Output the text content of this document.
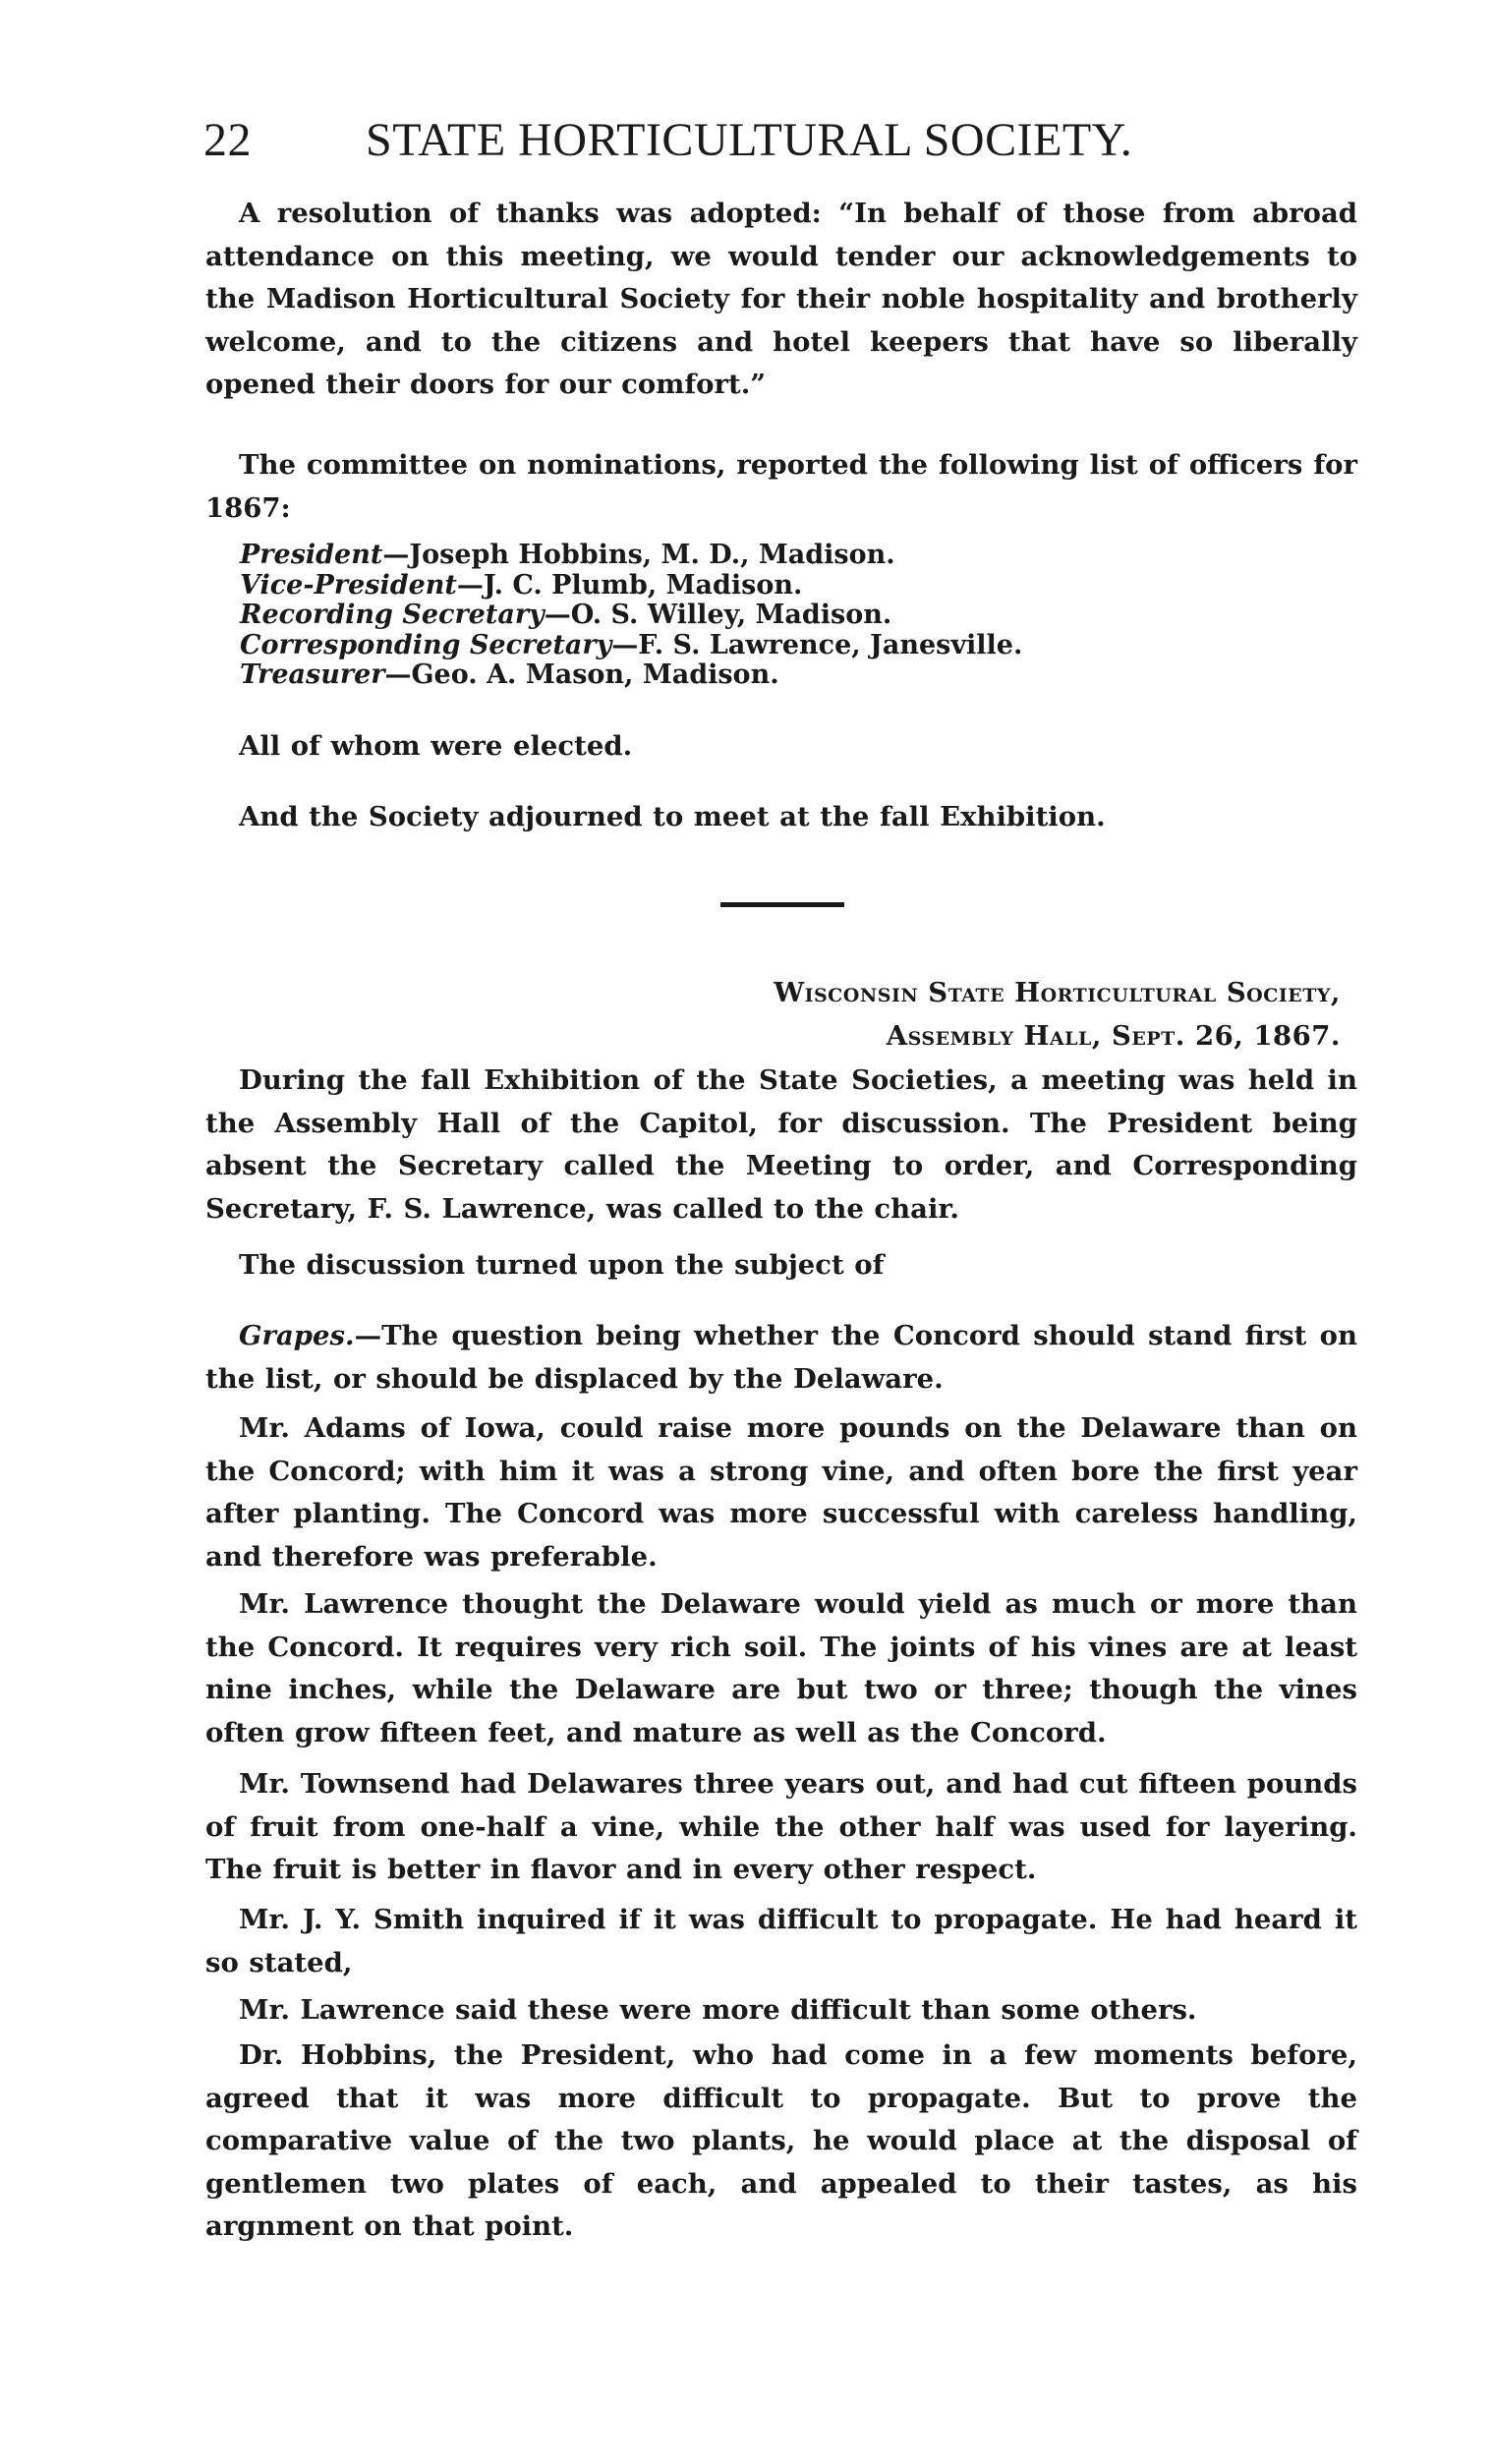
22 STATE HORTICULTURAL SOCIETY.

A resolution of thanks was adopted: “In behalf of those from abroad attendance on this meeting, we would tender our acknowledgements to the Madison Horticultural Society for their noble hospitality and brotherly welcome, and to the citizens and hotel keepers that have so liberally opened their doors for our comfort.”

The committee on nominations, reported the following list of officers for 1867:

President—Joseph Hobbins, M. D., Madison.
Vice-President—J. C. Plumb, Madison.
Recording Secretary—O. S. Willey, Madison.
Corresponding Secretary—F. S. Lawrence, Janesville.
Treasurer—Geo. A. Mason, Madison.

All of whom were elected.

And the Society adjourned to meet at the fall Exhibition.

Wisconsin State Horticultural Society,
Assembly Hall, Sept. 26, 1867.

During the fall Exhibition of the State Societies, a meeting was held in the Assembly Hall of the Capitol, for discussion. The President being absent the Secretary called the Meeting to order, and Corresponding Secretary, F. S. Lawrence, was called to the chair.

The discussion turned upon the subject of

Grapes.—The question being whether the Concord should stand first on the list, or should be displaced by the Delaware.

Mr. Adams of Iowa, could raise more pounds on the Delaware than on the Concord; with him it was a strong vine, and often bore the first year after planting. The Concord was more successful with careless handling, and therefore was preferable.

Mr. Lawrence thought the Delaware would yield as much or more than the Concord. It requires very rich soil. The joints of his vines are at least nine inches, while the Delaware are but two or three; though the vines often grow fifteen feet, and mature as well as the Concord.

Mr. Townsend had Delawares three years out, and had cut fifteen pounds of fruit from one-half a vine, while the other half was used for layering. The fruit is better in flavor and in every other respect.

Mr. J. Y. Smith inquired if it was difficult to propagate. He had heard it so stated,

Mr. Lawrence said these were more difficult than some others.

Dr. Hobbins, the President, who had come in a few moments before, agreed that it was more difficult to propagate. But to prove the comparative value of the two plants, he would place at the disposal of gentlemen two plates of each, and appealed to their tastes, as his argnment on that point.
